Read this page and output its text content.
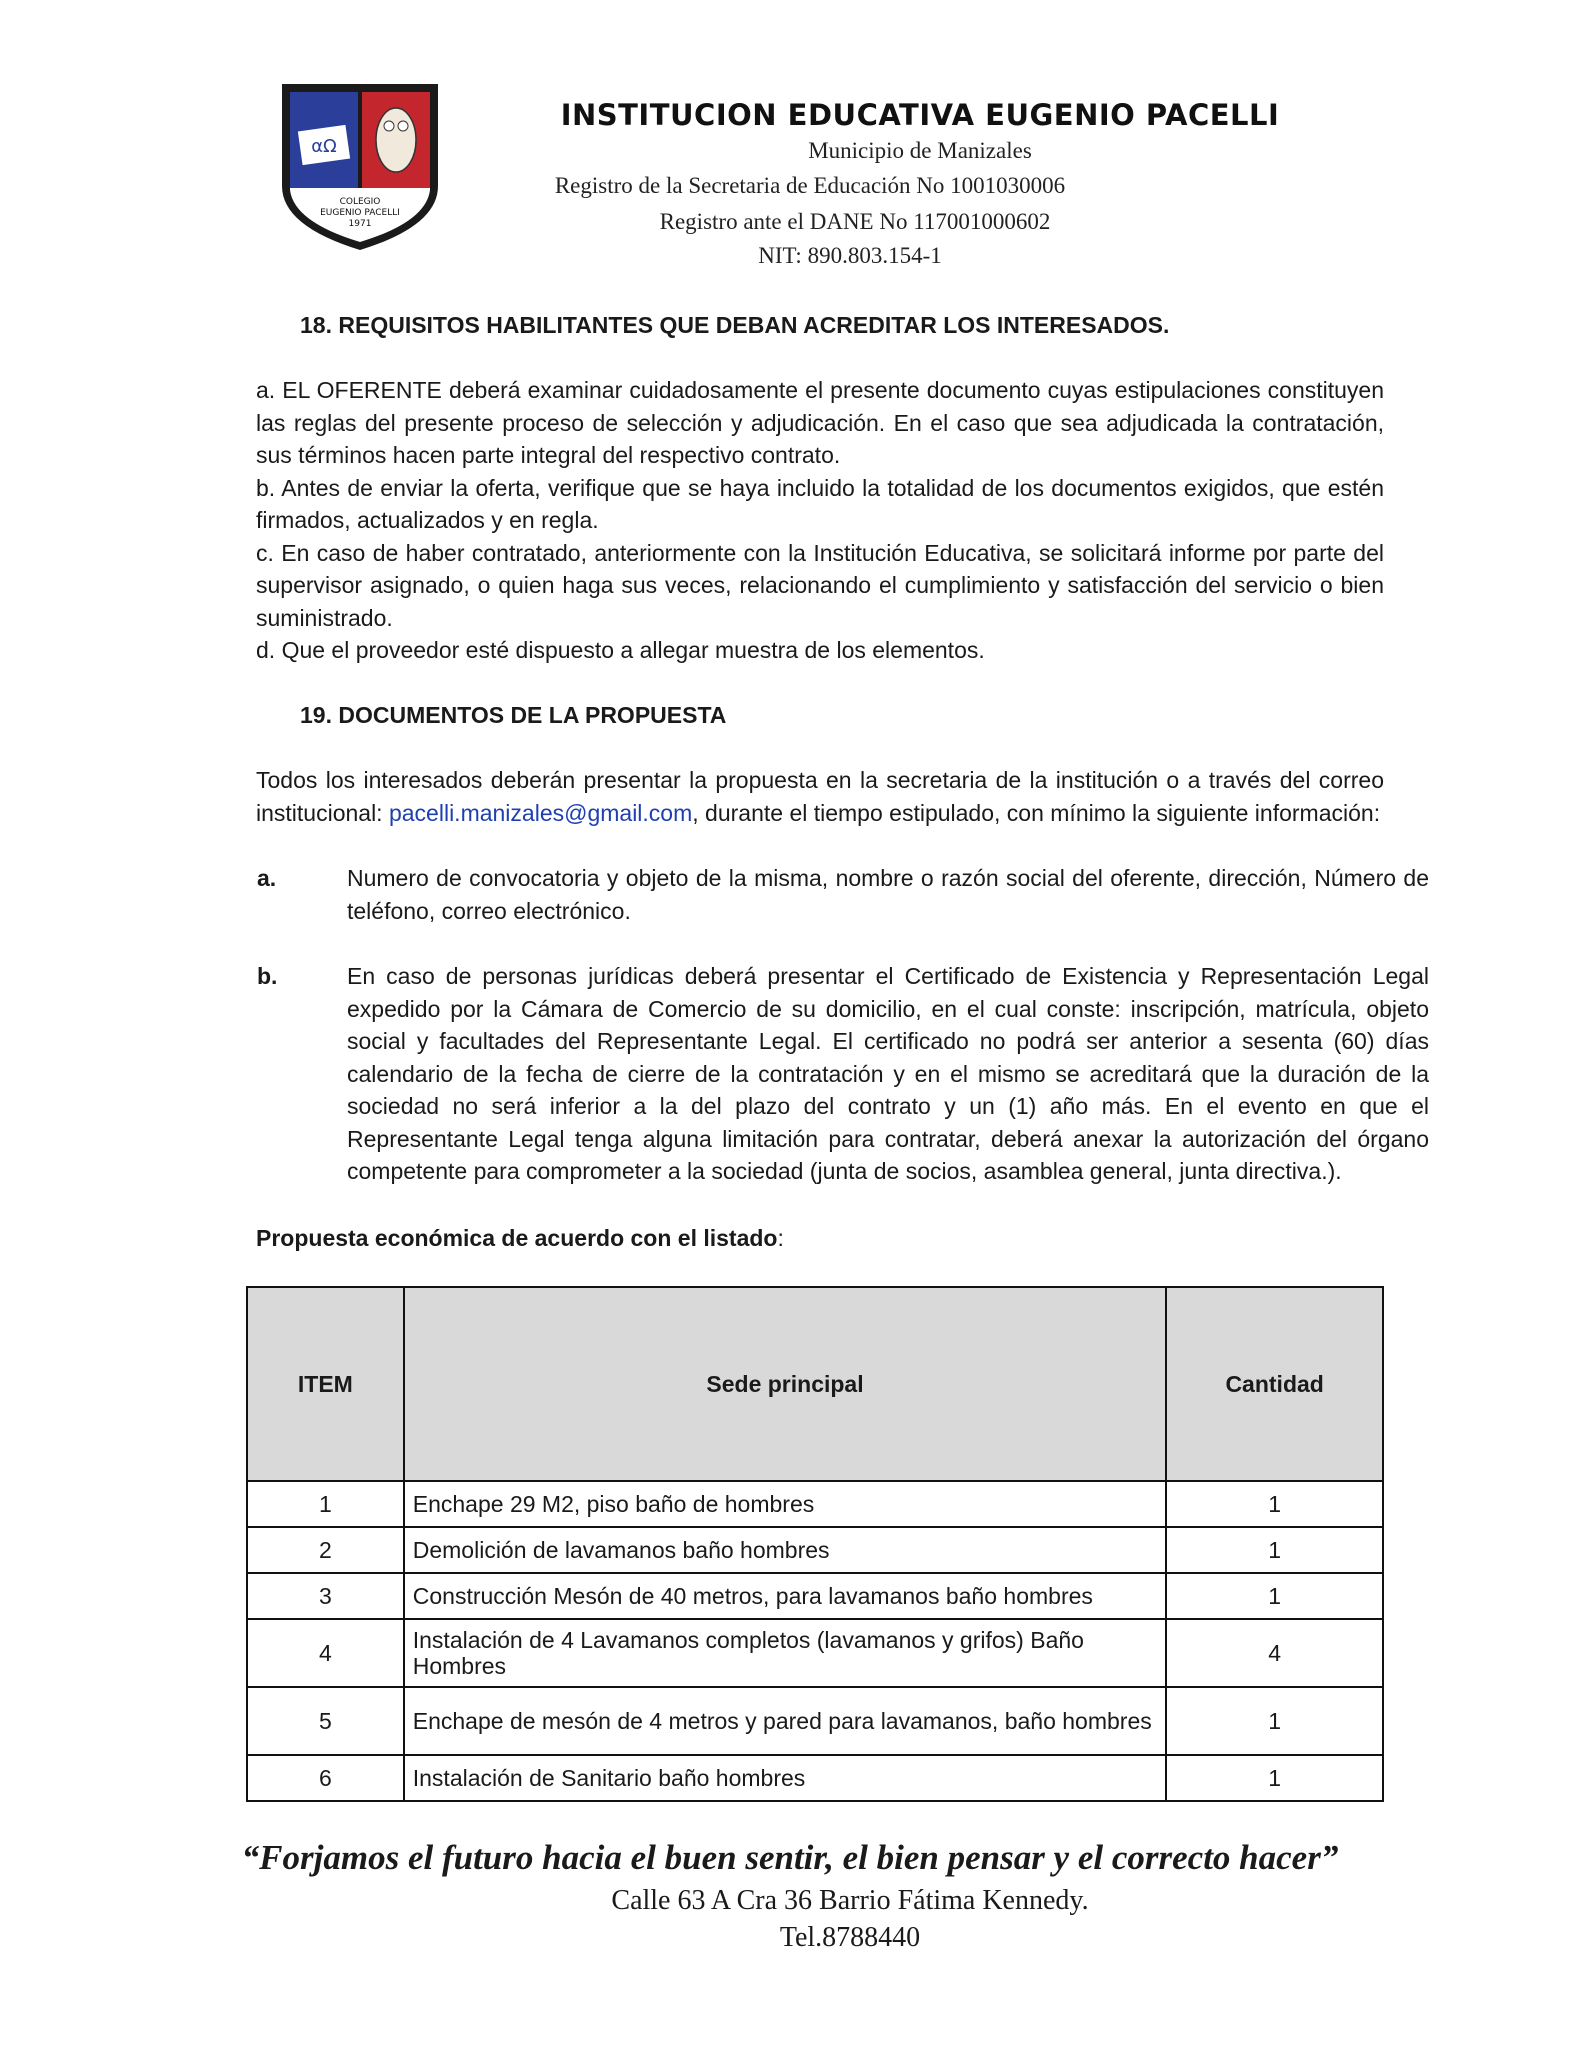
αΩ
COLEGIO
EUGENIO PACELLI
1971
INSTITUCION EDUCATIVA EUGENIO PACELLI
Municipio de Manizales
Registro de la Secretaria de Educación No 1001030006
Registro ante el DANE No 117001000602
NIT: 890.803.154-1
18. REQUISITOS HABILITANTES QUE DEBAN ACREDITAR LOS INTERESADOS.

a. EL OFERENTE deberá examinar cuidadosamente el presente documento cuyas estipulaciones constituyen las reglas del presente proceso de selección y adjudicación. En el caso que sea adjudicada la contratación, sus términos hacen parte integral del respectivo contrato.

b. Antes de enviar la oferta, verifique que se haya incluido la totalidad de los documentos exigidos, que estén firmados, actualizados y en regla.

c. En caso de haber contratado, anteriormente con la Institución Educativa, se solicitará informe por parte del supervisor asignado, o quien haga sus veces, relacionando el cumplimiento y satisfacción del servicio o bien suministrado.

d. Que el proveedor esté dispuesto a allegar muestra de los elementos.

19. DOCUMENTOS DE LA PROPUESTA
Todos los interesados deberán presentar la propuesta en la secretaria de la institución o a través del correo institucional: pacelli.manizales@gmail.com, durante el tiempo estipulado, con mínimo la siguiente información:
a.	Numero de convocatoria y objeto de la misma, nombre o razón social del oferente, dirección, Número de teléfono, correo electrónico.
b.	En caso de personas jurídicas deberá presentar el Certificado de Existencia y Representación Legal expedido por la Cámara de Comercio de su domicilio, en el cual conste: inscripción, matrícula, objeto social y facultades del Representante Legal. El certificado no podrá ser anterior a sesenta (60) días calendario de la fecha de cierre de la contratación y en el mismo se acreditará que la duración de la sociedad no será inferior a la del plazo del contrato y un (1) año más. En el evento en que el Representante Legal tenga alguna limitación para contratar, deberá anexar la autorización del órgano competente para comprometer a la sociedad (junta de socios, asamblea general, junta directiva.).
Propuesta económica de acuerdo con el listado:
ITEM	Sede principal	Cantidad
1	Enchape 29 M2, piso baño de hombres	1
2	Demolición de lavamanos baño hombres	1
3	Construcción Mesón de 40 metros, para lavamanos baño hombres	1
4	Instalación de 4 Lavamanos completos (lavamanos y grifos) Baño Hombres	4
5	Enchape de mesón de 4 metros y pared para lavamanos, baño hombres	1
6	Instalación de Sanitario baño hombres	1
“Forjamos el futuro hacia el buen sentir, el bien pensar y el correcto hacer”
Calle 63 A Cra 36 Barrio Fátima Kennedy.
Tel.8788440
